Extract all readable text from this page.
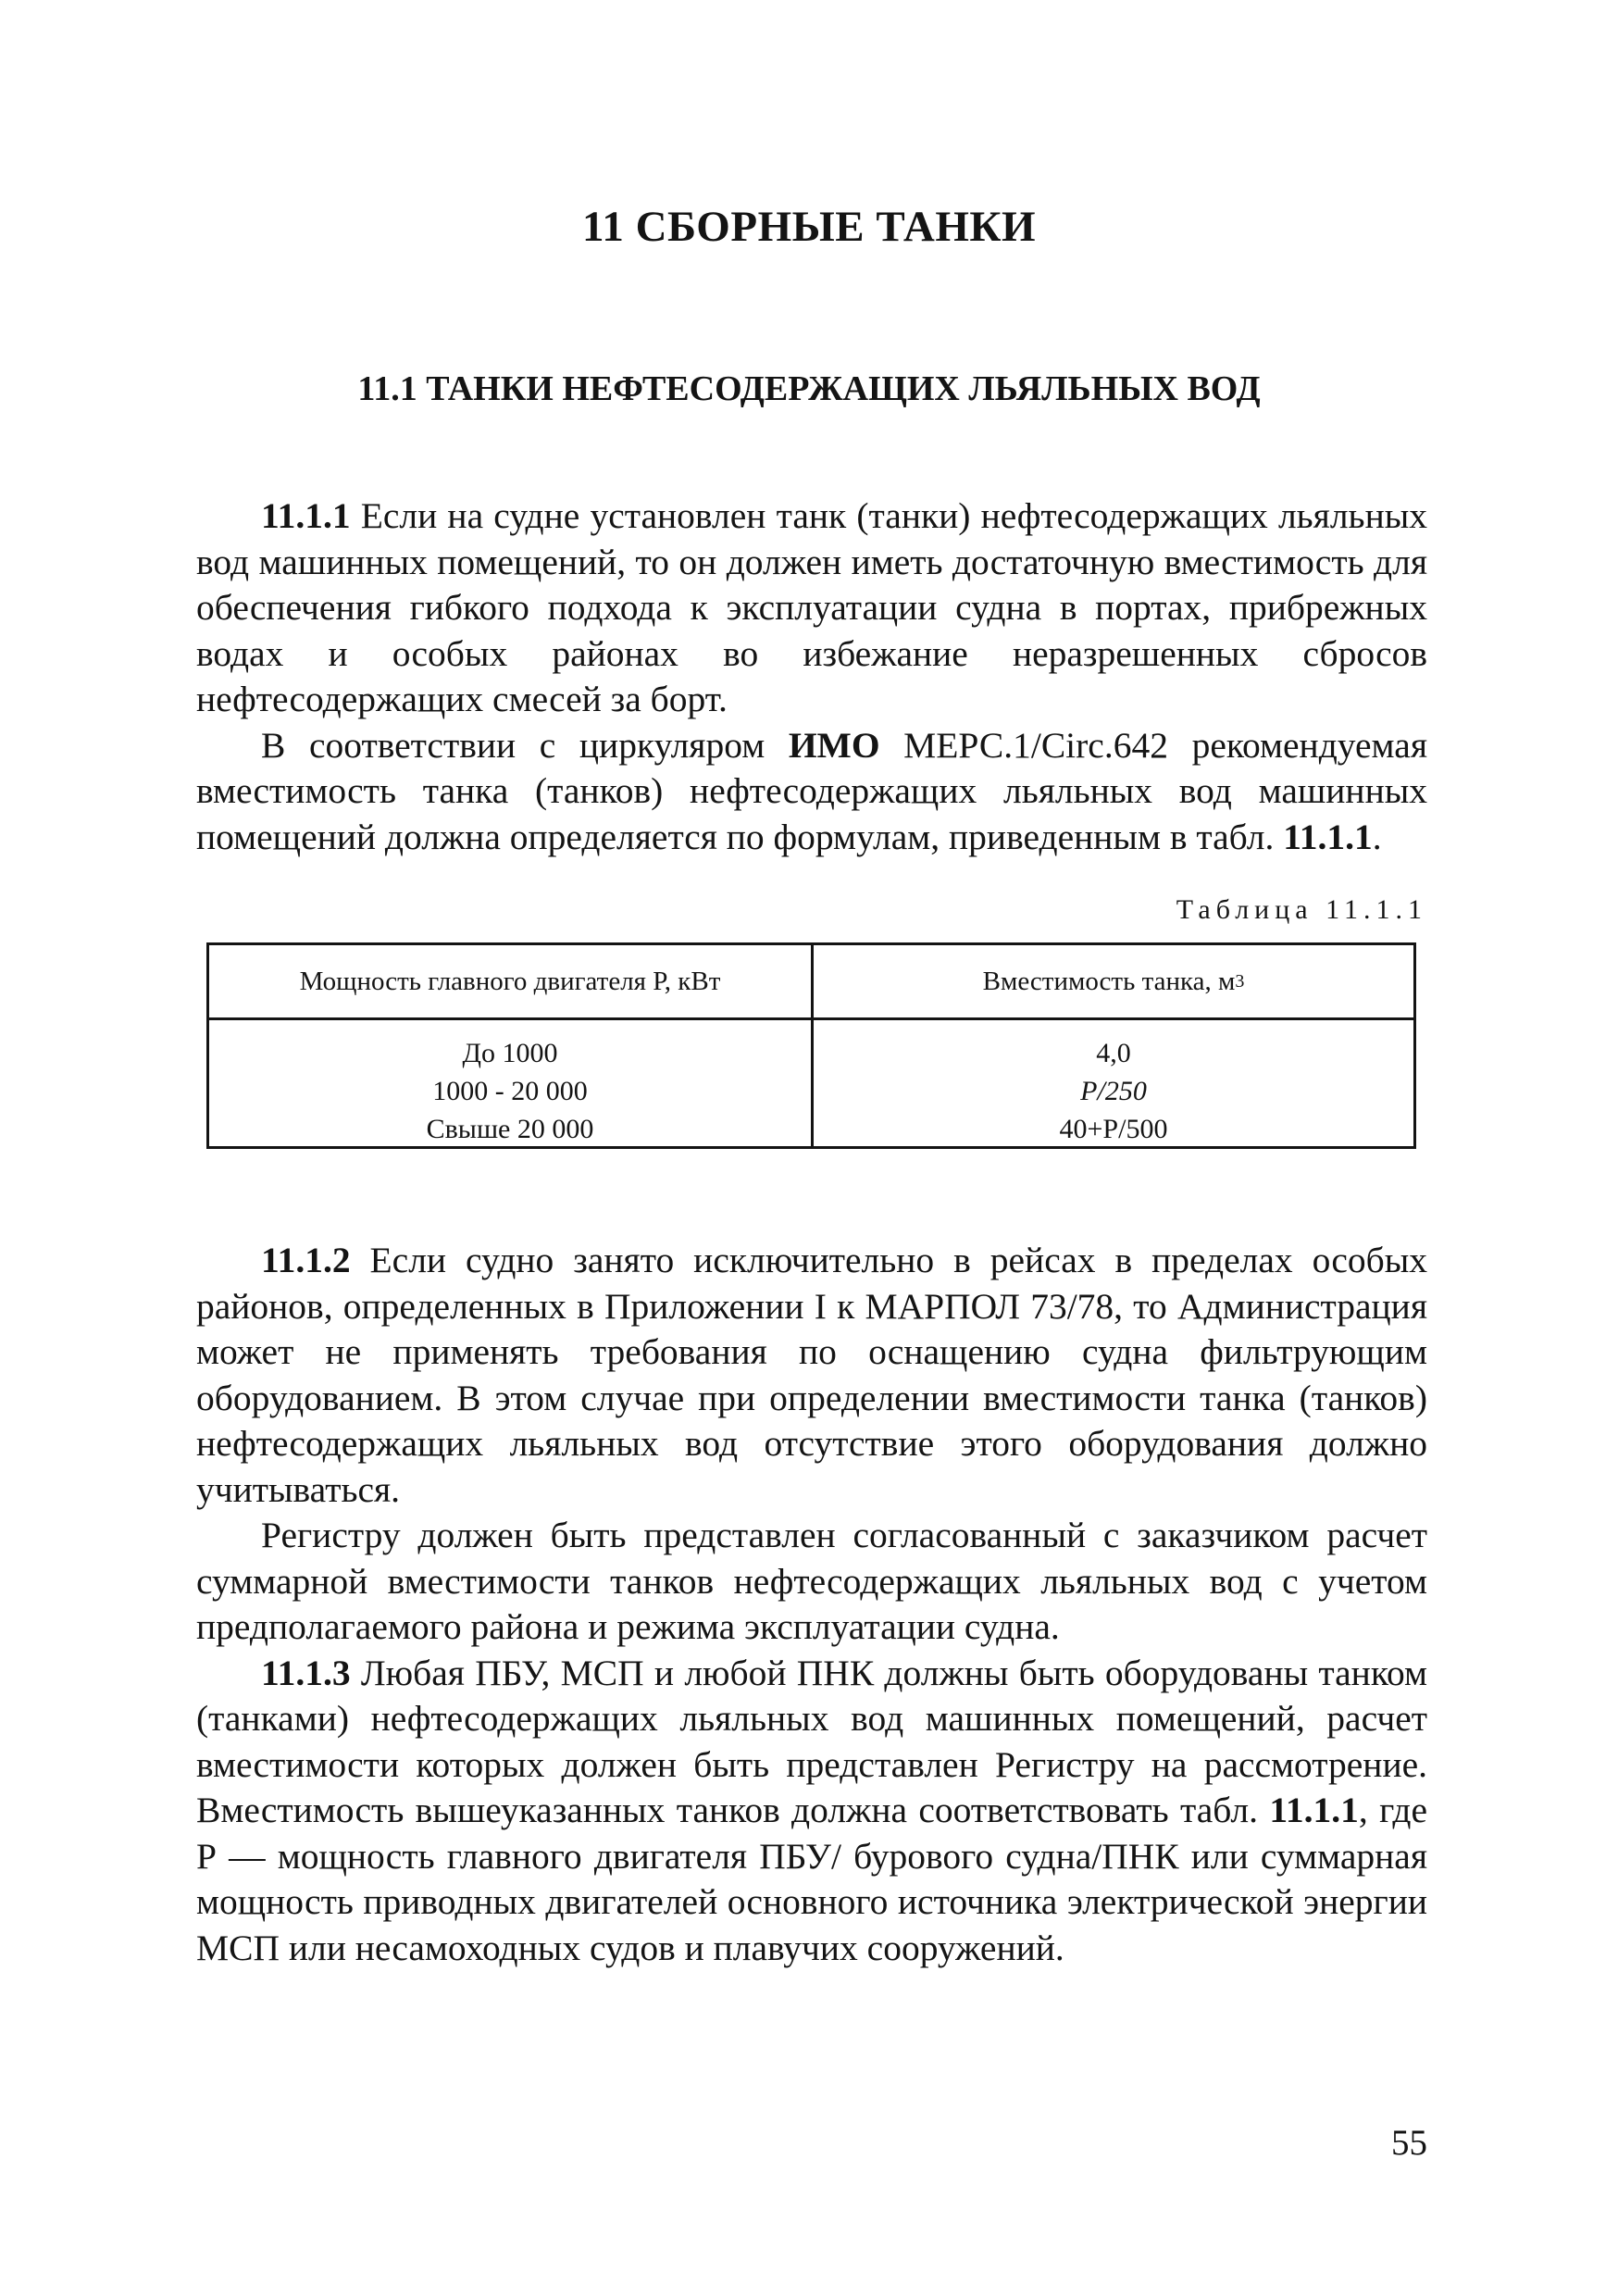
11 СБОРНЫЕ ТАНКИ
11.1 ТАНКИ НЕФТЕСОДЕРЖАЩИХ ЛЬЯЛЬНЫХ ВОД

11.1.1 Если на судне установлен танк (танки) нефтесодержащих льяльных вод машинных помещений, то он должен иметь достаточную вместимость для обеспечения гибкого подхода к эксплуатации судна в портах, прибрежных водах и особых районах во избежание неразрешенных сбросов нефтесодержащих смесей за борт.

В соответствии с циркуляром ИМО МЕРС.1/Circ.642 рекомендуемая вместимость танка (танков) нефтесодержащих льяльных вод машинных помещений должна определяется по формулам, приведенным в табл. 11.1.1.

Таблица 11.1.1
Мощность главного двигателя Р, кВт	Вместимость танка, м 3
До 1000
1000 - 20 000
Свыше 20 000
4,0
P/250
40+P/500

11.1.2 Если судно занято исключительно в рейсах в пределах особых районов, определенных в Приложении I к МАРПОЛ 73/78, то Администрация может не применять требования по оснащению судна фильтрующим оборудованием. В этом случае при определении вместимости танка (танков) нефтесодержащих льяльных вод отсутствие этого оборудования должно учитываться.

Регистру должен быть представлен согласованный с заказчиком расчет суммарной вместимости танков нефтесодержащих льяльных вод с учетом предполагаемого района и режима эксплуатации судна.

11.1.3 Любая ПБУ, МСП и любой ПНК должны быть оборудованы танком (танками) нефтесодержащих льяльных вод машинных помещений, расчет вместимости которых должен быть представлен Регистру на рассмотрение. Вместимость вышеуказанных танков должна соответствовать табл. 11.1.1, где Р — мощность главного двигателя ПБУ/ бурового судна/ПНК или суммарная мощность приводных двигателей основного источника электрической энергии МСП или несамоходных судов и плавучих сооружений.

55
